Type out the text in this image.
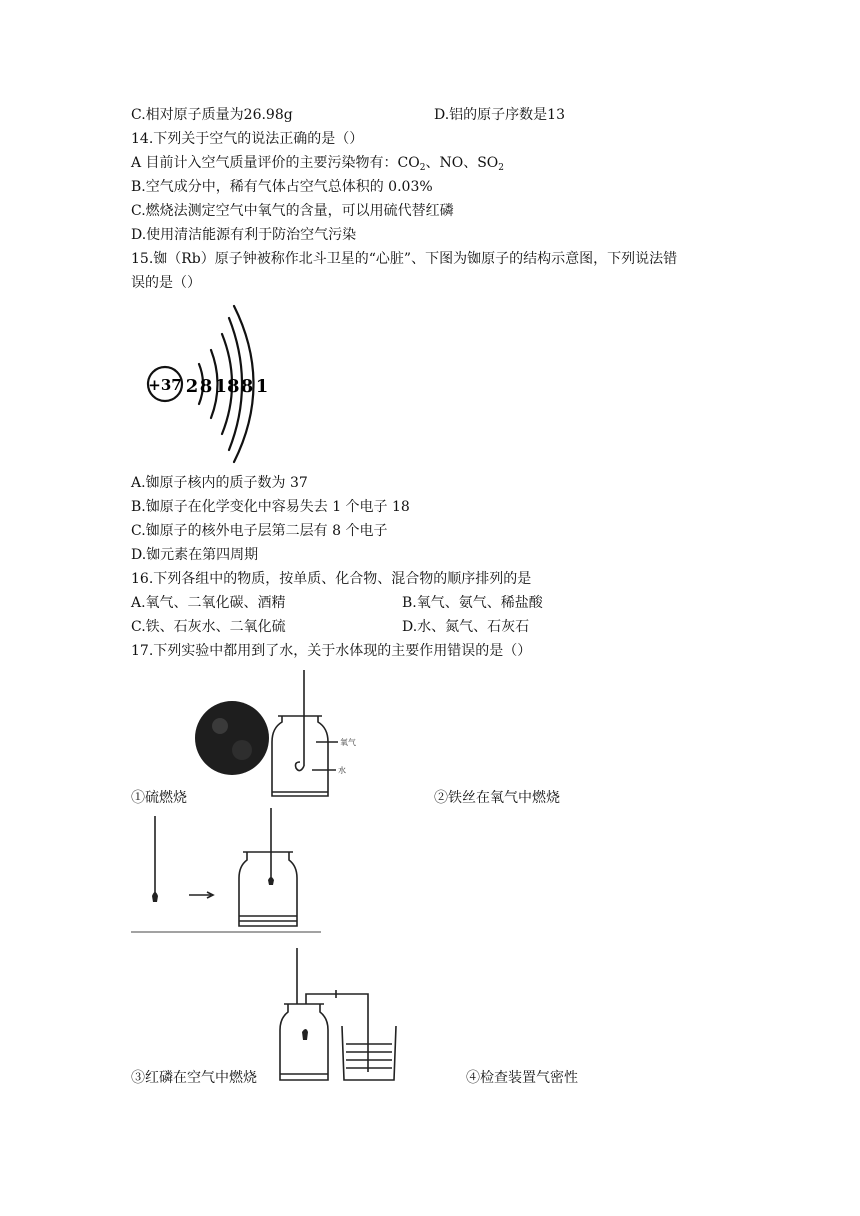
C.相对原子质量为26.98g	D.铝的原子序数是13
14.下列关于空气的说法正确的是（）
A 目前计入空气质量评价的主要污染物有：$CO_2$、NO、$SO_2$
B.空气成分中，稀有气体占空气总体积的 0.03%
C.燃烧法测定空气中氧气的含量，可以用硫代替红磷
D.使用清洁能源有利于防治空气污染
15.铷（Rb）原子钟被称作北斗卫星的“心脏”、下图为铷原子的结构示意图，下列说法错
误的是（）
+37 2 8 18 8 1
A.铷原子核内的质子数为 37
B.铷原子在化学变化中容易失去 1 个电子 18
C.铷原子的核外电子层第二层有 8 个电子
D.铷元素在第四周期
16.下列各组中的物质，按单质、化合物、混合物的顺序排列的是
A.氧气、二氧化碳、酒精	B.氧气、氨气、稀盐酸
C.铁、石灰水、二氧化硫	D.水、氮气、石灰石
17.下列实验中都用到了水，关于水体现的主要作用错误的是（）
氧气
水
①硫燃烧	②铁丝在氧气中燃烧
③红磷在空气中燃烧	④检查装置气密性
